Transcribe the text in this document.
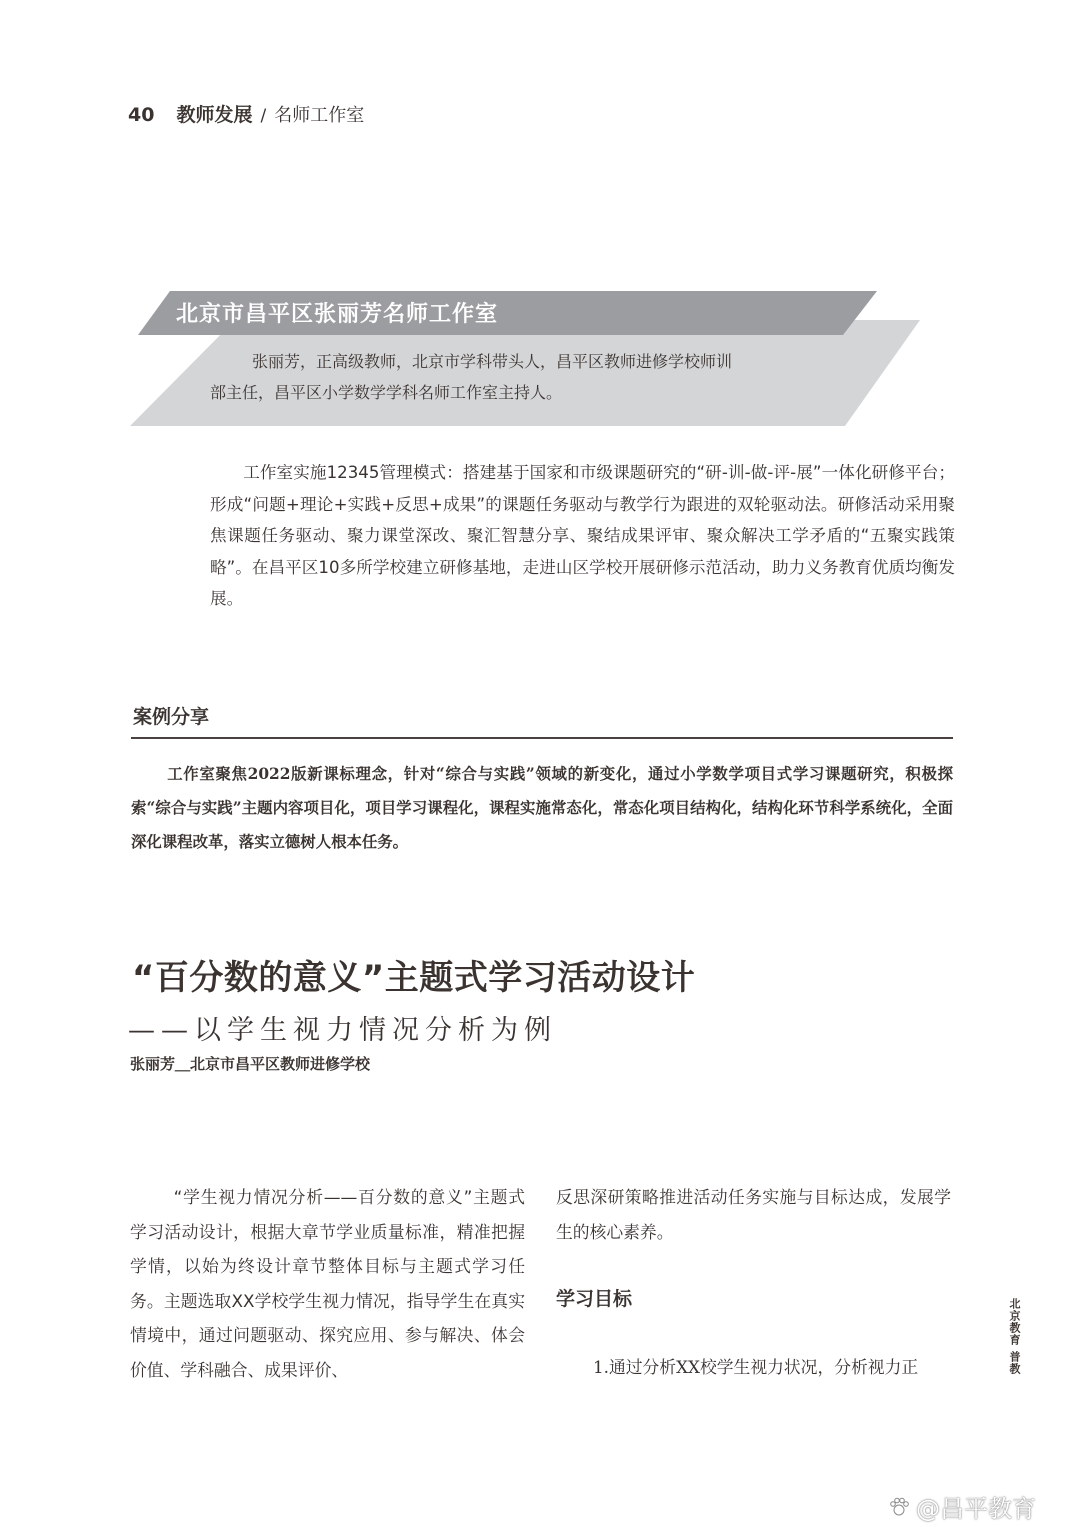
40 教师发展 / 名师工作室
北京市昌平区张丽芳名师工作室
张丽芳，正高级教师，北京市学科带头人，昌平区教师进修学校师训
部主任，昌平区小学数学学科名师工作室主持人。
工作室实施12345管理模式：搭建基于国家和市级课题研究的“研-训-做-评-展”一体化研修平台；形成“问题+理论+实践+反思+成果”的课题任务驱动与教学行为跟进的双轮驱动法。研修活动采用聚焦课题任务驱动、聚力课堂深改、聚汇智慧分享、聚结成果评审、聚众解决工学矛盾的“五聚实践策略”。在昌平区10多所学校建立研修基地，走进山区学校开展研修示范活动，助力义务教育优质均衡发展。
案例分享
工作室聚焦2022版新课标理念，针对“综合与实践”领域的新变化，通过小学数学项目式学习课题研究，积极探索“综合与实践”主题内容项目化，项目学习课程化，课程实施常态化，常态化项目结构化，结构化环节科学系统化，全面深化课程改革，落实立德树人根本任务。
“百分数的意义”主题式学习活动设计
——以学生视力情况分析为例
张丽芳＿北京市昌平区教师进修学校
“学生视力情况分析——百分数的意义”主题式学习活动设计，根据大章节学业质量标准，精准把握学情，以始为终设计章节整体目标与主题式学习任务。主题选取XX学校学生视力情况，指导学生在真实情境中，通过问题驱动、探究应用、参与解决、体会价值、学科融合、成果评价、
反思深研策略推进活动任务实施与目标达成，发展学生的核心素养。
学习目标
1.通过分析XX校学生视力状况，分析视力正	北京教育 普教
@昌平教育
